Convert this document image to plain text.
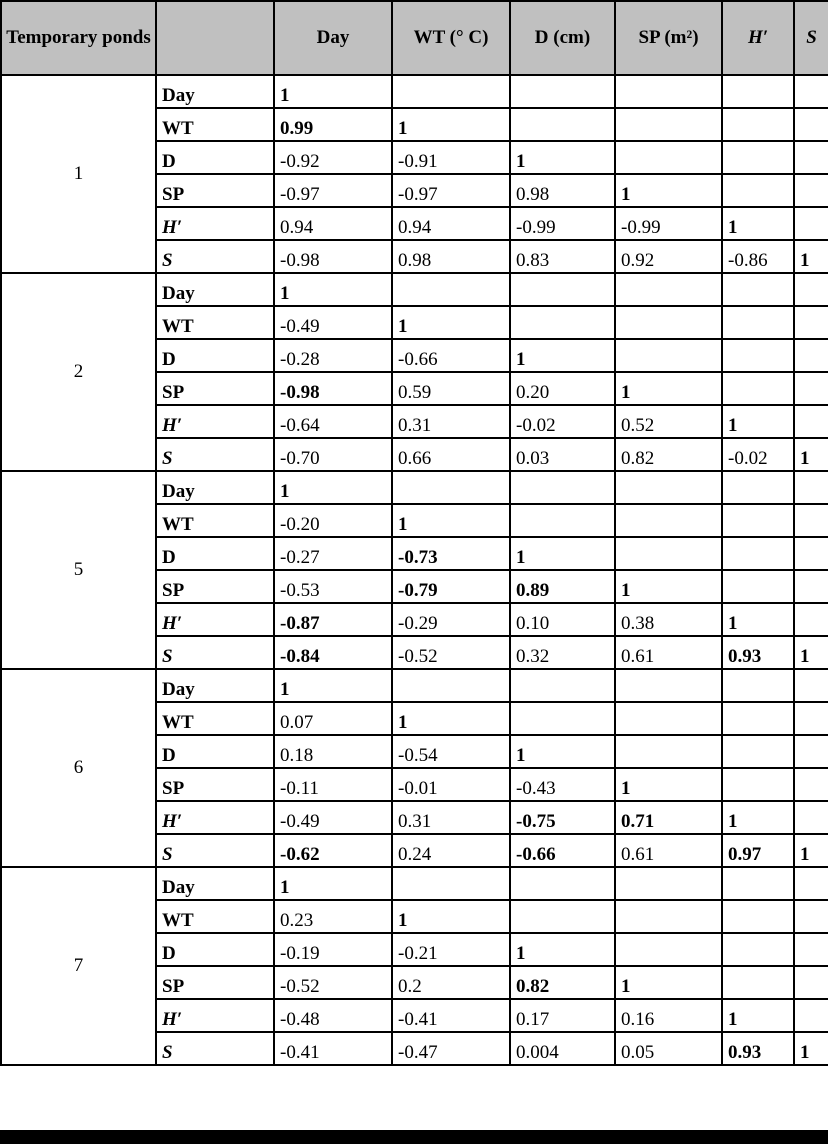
Temporary ponds		Day	WT (° C)	D (cm)	SP (m²)	H′	S
1	Day	1					
	WT	0.99	1				
	D	-0.92	-0.91	1			
	SP	-0.97	-0.97	0.98	1		
	H′	0.94	0.94	-0.99	-0.99	1	
	S	-0.98	0.98	0.83	0.92	-0.86	1
2	Day	1					
	WT	-0.49	1				
	D	-0.28	-0.66	1			
	SP	-0.98	0.59	0.20	1		
	H′	-0.64	0.31	-0.02	0.52	1	
	S	-0.70	0.66	0.03	0.82	-0.02	1
5	Day	1					
	WT	-0.20	1				
	D	-0.27	-0.73	1			
	SP	-0.53	-0.79	0.89	1		
	H′	-0.87	-0.29	0.10	0.38	1	
	S	-0.84	-0.52	0.32	0.61	0.93	1
6	Day	1					
	WT	0.07	1				
	D	0.18	-0.54	1			
	SP	-0.11	-0.01	-0.43	1		
	H′	-0.49	0.31	-0.75	0.71	1	
	S	-0.62	0.24	-0.66	0.61	0.97	1
7	Day	1					
	WT	0.23	1				
	D	-0.19	-0.21	1			
	SP	-0.52	0.2	0.82	1		
	H′	-0.48	-0.41	0.17	0.16	1	
	S	-0.41	-0.47	0.004	0.05	0.93	1
